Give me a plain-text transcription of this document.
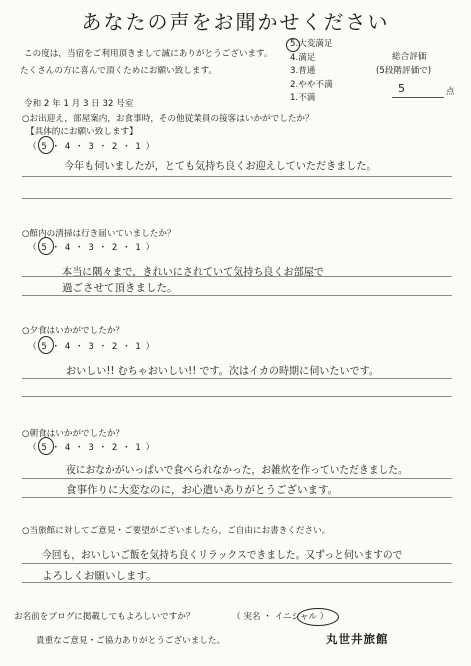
あなたの声をお聞かせください
この度は，当宿をご利用頂きまして誠にありがとうございます。
たくさんの方に喜んで頂くためにお願い致します。
令和 2 年 1 月 3 日 32 号室
5.大変満足
4.満足
3.普通
2.やや不満
1.不満
総合評価
(5段階評価で)
5	点
○お出迎え，部屋案内，お食事時，その他従業員の接客はいかがでしたか？
【具体的にお願い致します】
（ 5 ・ 4 ・ 3 ・ 2 ・ 1 ）
今年も伺いましたが，とても気持ち良くお迎えしていただきました。
○館内の清掃は行き届いていましたか？
（ 5 ・ 4 ・ 3 ・ 2 ・ 1 ）
本当に隅々まで，きれいにされていて気持ち良くお部屋で
過ごさせて頂きました。
○夕食はいかがでしたか？
（ 5 ・ 4 ・ 3 ・ 2 ・ 1 ）
おいしい!! むちゃおいしい!! です。次はイカの時期に伺いたいです。
○朝食はいかがでしたか？
（ 5 ・ 4 ・ 3 ・ 2 ・ 1 ）
夜におなかがいっぱいで食べられなかった，お雑炊を作っていただきました。
食事作りに大変なのに，お心遣いありがとうございます。
○当旅館に対してご意見・ご要望がございましたら，ご自由にお書きください。
今回も，おいしいご飯を気持ち良くリラックスできました。又ずっと伺いますので
よろしくお願いします。
お名前をブログに掲載してもよろしいですか？	（ 実名 ・ イニシャル ）
貴重なご意見・ご協力ありがとうございました。	丸世井旅館
